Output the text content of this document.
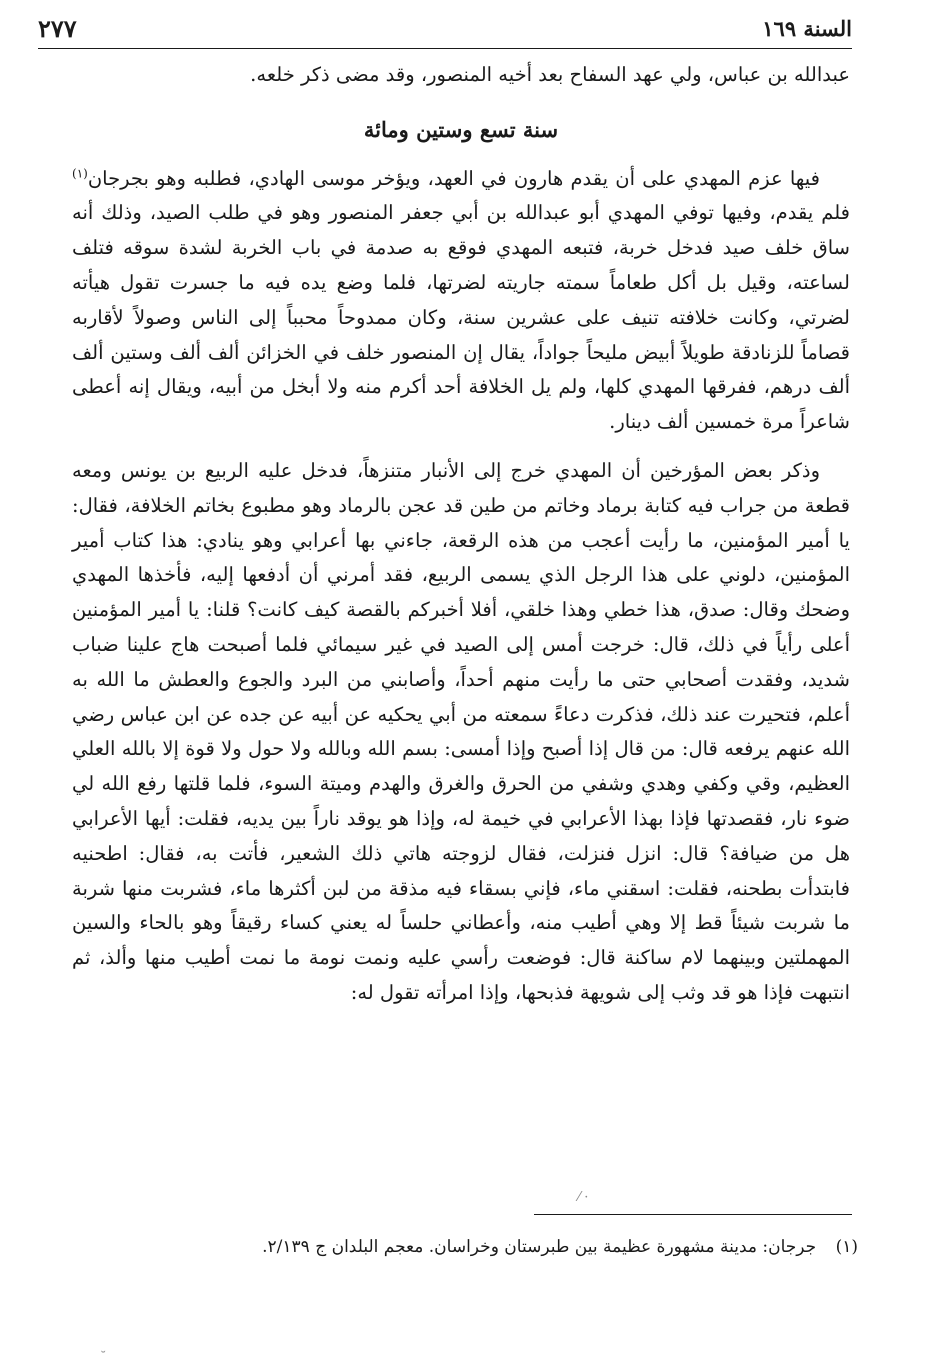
السنة ١٦٩
٢٧٧

عبدالله بن عباس، ولي عهد السفاح بعد أخيه المنصور، وقد مضى ذكر خلعه.

سنة تسع وستين ومائة

فيها عزم المهدي على أن يقدم هارون في العهد، ويؤخر موسى الهادي، فطلبه وهو بجرجان$^{(١)}$ فلم يقدم، وفيها توفي المهدي أبو عبدالله بن أبي جعفر المنصور وهو في طلب الصيد، وذلك أنه ساق خلف صيد فدخل خربة، فتبعه المهدي فوقع به صدمة في باب الخربة لشدة سوقه فتلف لساعته، وقيل بل أكل طعاماً سمته جاريته لضرتها، فلما وضع يده فيه ما جسرت تقول هيأته لضرتي، وكانت خلافته تنيف على عشرين سنة، وكان ممدوحاً محبباً إلى الناس وصولاً لأقاربه قصاماً للزنادقة طويلاً أبيض مليحاً جواداً، يقال إن المنصور خلف في الخزائن ألف ألف وستين ألف ألف درهم، ففرقها المهدي كلها، ولم يل الخلافة أحد أكرم منه ولا أبخل من أبيه، ويقال إنه أعطى شاعراً مرة خمسين ألف دينار.

وذكر بعض المؤرخين أن المهدي خرج إلى الأنبار متنزهاً، فدخل عليه الربيع بن يونس ومعه قطعة من جراب فيه كتابة برماد وخاتم من طين قد عجن بالرماد وهو مطبوع بخاتم الخلافة، فقال: يا أمير المؤمنين، ما رأيت أعجب من هذه الرقعة، جاءني بها أعرابي وهو ينادي: هذا كتاب أمير المؤمنين، دلوني على هذا الرجل الذي يسمى الربيع، فقد أمرني أن أدفعها إليه، فأخذها المهدي وضحك وقال: صدق، هذا خطي وهذا خلقي، أفلا أخبركم بالقصة كيف كانت؟ قلنا: يا أمير المؤمنين أعلى رأياً في ذلك، قال: خرجت أمس إلى الصيد في غير سيمائي فلما أصبحت هاج علينا ضباب شديد، وفقدت أصحابي حتى ما رأيت منهم أحداً، وأصابني من البرد والجوع والعطش ما الله به أعلم، فتحيرت عند ذلك، فذكرت دعاءً سمعته من أبي يحكيه عن أبيه عن جده عن ابن عباس رضي الله عنهم يرفعه قال: من قال إذا أصبح وإذا أمسى: بسم الله وبالله ولا حول ولا قوة إلا بالله العلي العظيم، وقي وكفي وهدي وشفي من الحرق والغرق والهدم وميتة السوء، فلما قلتها رفع الله لي ضوء نار، فقصدتها فإذا بهذا الأعرابي في خيمة له، وإذا هو يوقد ناراً بين يديه، فقلت: أيها الأعرابي هل من ضيافة؟ قال: انزل فنزلت، فقال لزوجته هاتي ذلك الشعير، فأتت به، فقال: اطحنيه فابتدأت بطحنه، فقلت: اسقني ماء، فإني بسقاء فيه مذقة من لبن أكثرها ماء، فشربت منها شربة ما شربت شيئاً قط إلا وهي أطيب منه، وأعطاني حلساً له يعني كساء رقيقاً وهو بالحاء والسين المهملتين وبينهما لام ساكنة قال: فوضعت رأسي عليه ونمت نومة ما نمت أطيب منها وألذ، ثم انتبهت فإذا هو قد وثب إلى شويهة فذبحها، وإذا امرأته تقول له:

(١) جرجان: مدينة مشهورة عظيمة بين طبرستان وخراسان. معجم البلدان ج ٢/١٣٩.
· ⁄
˘
